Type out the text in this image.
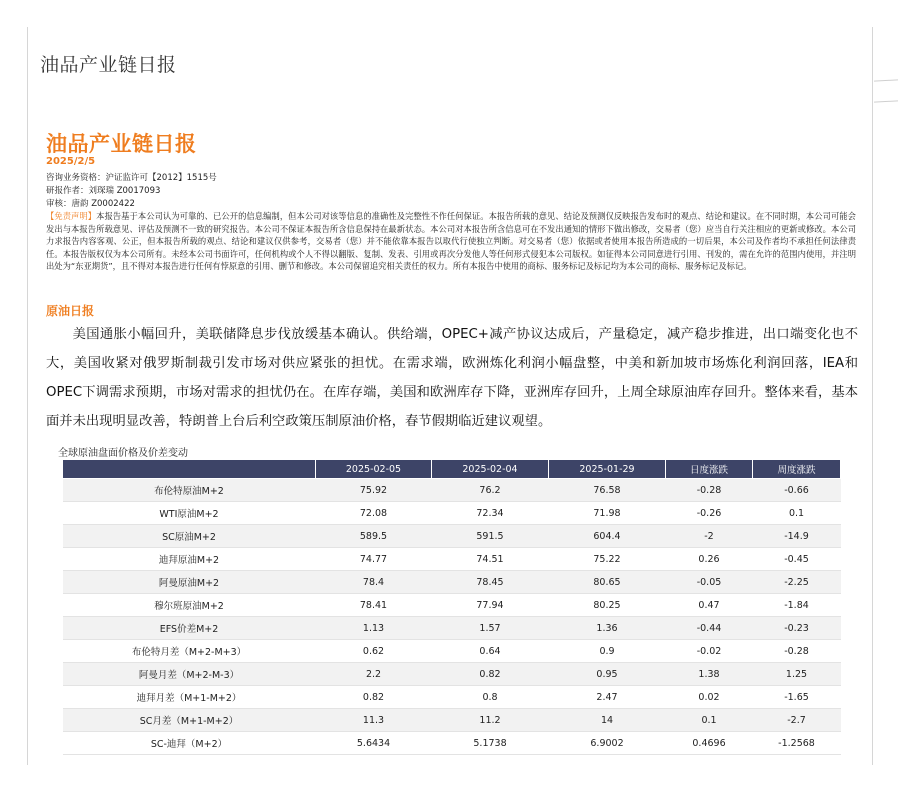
油品产业链日报
油品产业链日报
2025/2/5
咨询业务资格：沪证监许可【2012】1515号
研报作者：刘琛瑞 Z0017093
审核：唐韵 Z0002422
【免责声明】本报告基于本公司认为可靠的、已公开的信息编制，但本公司对该等信息的准确性及完整性不作任何保证。本报告所载的意见、结论及预测仅反映报告发布时的观点、结论和建议。在不同时期，本公司可能会发出与本报告所载意见、评估及预测不一致的研究报告。本公司不保证本报告所含信息保持在最新状态。本公司对本报告所含信息可在不发出通知的情形下做出修改，交易者（您）应当自行关注相应的更新或修改。本公司力求报告内容客观、公正，但本报告所载的观点、结论和建议仅供参考，交易者（您）并不能依靠本报告以取代行使独立判断。对交易者（您）依据或者使用本报告所造成的一切后果，本公司及作者均不承担任何法律责任。本报告版权仅为本公司所有。未经本公司书面许可，任何机构或个人不得以翻版、复制、发表、引用或再次分发他人等任何形式侵犯本公司版权。如征得本公司同意进行引用、刊发的，需在允许的范围内使用，并注明出处为“东亚期货”，且不得对本报告进行任何有悖原意的引用、删节和修改。本公司保留追究相关责任的权力。所有本报告中使用的商标、服务标记及标记均为本公司的商标、服务标记及标记。
原油日报
美国通胀小幅回升，美联储降息步伐放缓基本确认。供给端，OPEC+减产协议达成后，产量稳定，减产稳步推进，出口端变化也不大，美国收紧对俄罗斯制裁引发市场对供应紧张的担忧。在需求端，欧洲炼化利润小幅盘整，中美和新加坡市场炼化利润回落，IEA和OPEC下调需求预期，市场对需求的担忧仍在。在库存端，美国和欧洲库存下降，亚洲库存回升，上周全球原油库存回升。整体来看，基本面并未出现明显改善，特朗普上台后利空政策压制原油价格，春节假期临近建议观望。
全球原油盘面价格及价差变动
	2025-02-05	2025-02-04	2025-01-29	日度涨跌	周度涨跌
布伦特原油M+2	75.92	76.2	76.58	-0.28	-0.66
WTI原油M+2	72.08	72.34	71.98	-0.26	0.1
SC原油M+2	589.5	591.5	604.4	-2	-14.9
迪拜原油M+2	74.77	74.51	75.22	0.26	-0.45
阿曼原油M+2	78.4	78.45	80.65	-0.05	-2.25
穆尔班原油M+2	78.41	77.94	80.25	0.47	-1.84
EFS价差M+2	1.13	1.57	1.36	-0.44	-0.23
布伦特月差（M+2-M+3）	0.62	0.64	0.9	-0.02	-0.28
阿曼月差（M+2-M-3）	2.2	0.82	0.95	1.38	1.25
迪拜月差（M+1-M+2）	0.82	0.8	2.47	0.02	-1.65
SC月差（M+1-M+2）	11.3	11.2	14	0.1	-2.7
SC-迪拜（M+2）	5.6434	5.1738	6.9002	0.4696	-1.2568
